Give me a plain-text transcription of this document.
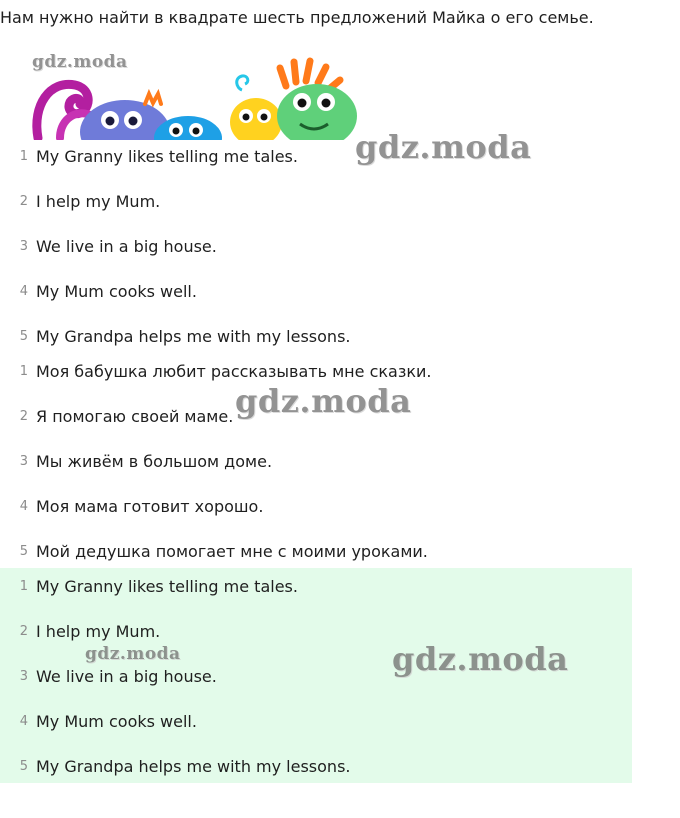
Нам нужно найти в квадрате шесть предложений Майка о его семье.
gdz.moda
1 My Granny likes telling me tales.
2 I help my Mum.
3 We live in a big house.
4 My Mum cooks well.
5 My Grandpa helps me with my lessons.
gdz.moda
1 Моя бабушка любит рассказывать мне сказки.
2 Я помогаю своей маме.
3 Мы живём в большом доме.
4 Моя мама готовит хорошо.
5 Мой дедушка помогает мне с моими уроками.
gdz.moda
1 My Granny likes telling me tales.
2 I help my Mum.
3 We live in a big house.
4 My Mum cooks well.
5 My Grandpa helps me with my lessons.
gdz.moda	gdz.moda
